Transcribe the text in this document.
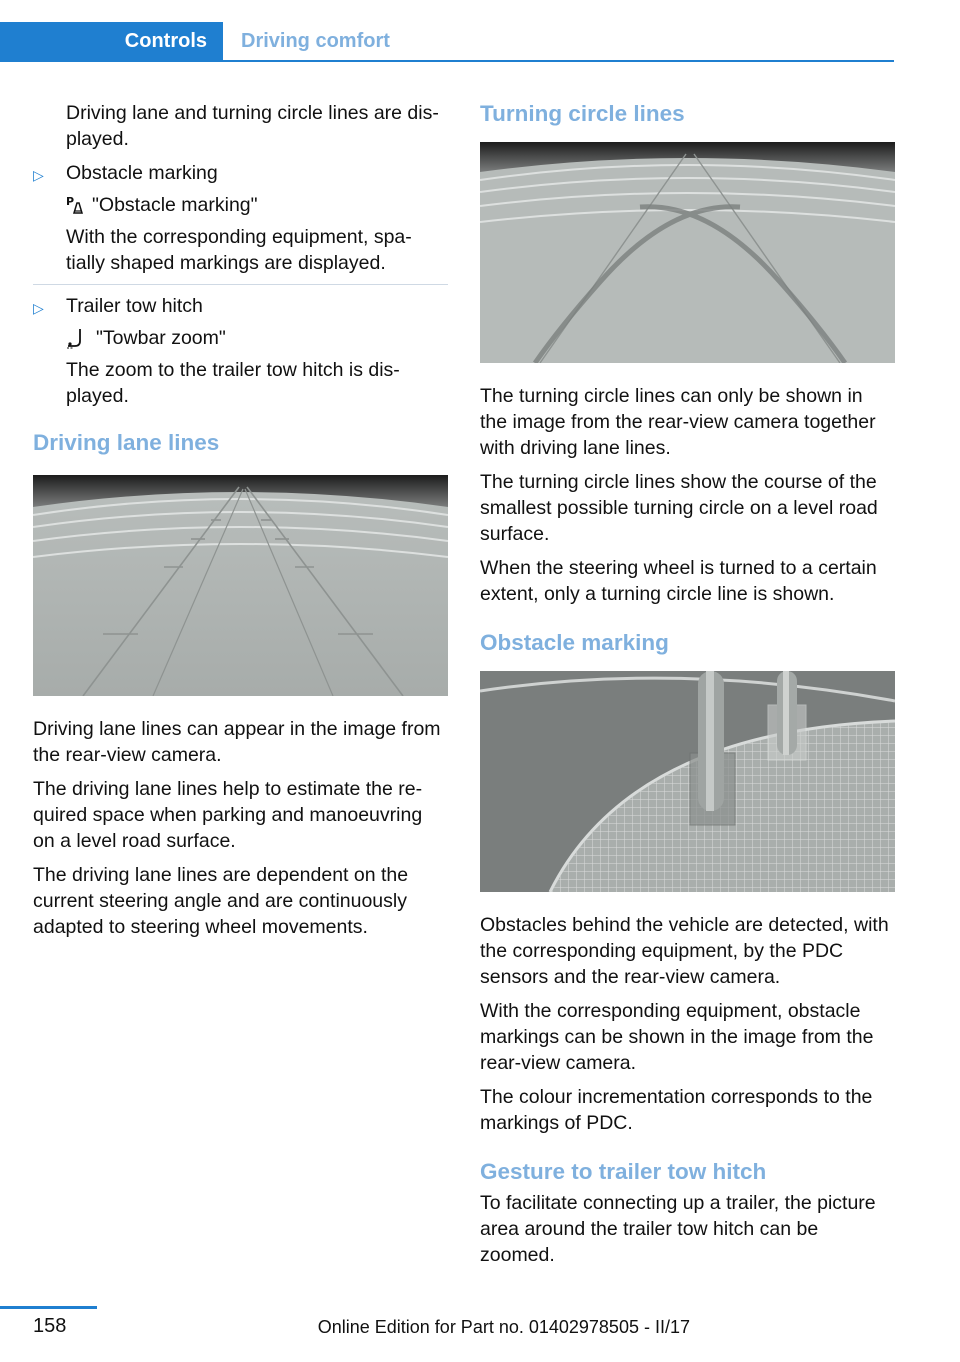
Controls	Driving comfort

Driving lane and turning circle lines are dis-played.

▷ Obstacle marking
P "Obstacle marking"

With the corresponding equipment, spa-tially shaped markings are displayed.

▷ Trailer tow hitch
"Towbar zoom"

The zoom to the trailer tow hitch is dis-played.

Driving lane lines

Driving lane lines can appear in the image from the rear-view camera.

The driving lane lines help to estimate the re-quired space when parking and manoeuvring on a level road surface.

The driving lane lines are dependent on the current steering angle and are continuously adapted to steering wheel movements.

Turning circle lines

The turning circle lines can only be shown in the image from the rear-view camera together with driving lane lines.

The turning circle lines show the course of the smallest possible turning circle on a level road surface.

When the steering wheel is turned to a certain extent, only a turning circle line is shown.

Obstacle marking

Obstacles behind the vehicle are detected, with the corresponding equipment, by the PDC sensors and the rear-view camera.

With the corresponding equipment, obstacle markings can be shown in the image from the rear-view camera.

The colour incrementation corresponds to the markings of PDC.

Gesture to trailer tow hitch

To facilitate connecting up a trailer, the picture area around the trailer tow hitch can be zoomed.

158	Online Edition for Part no. 01402978505 - II/17
